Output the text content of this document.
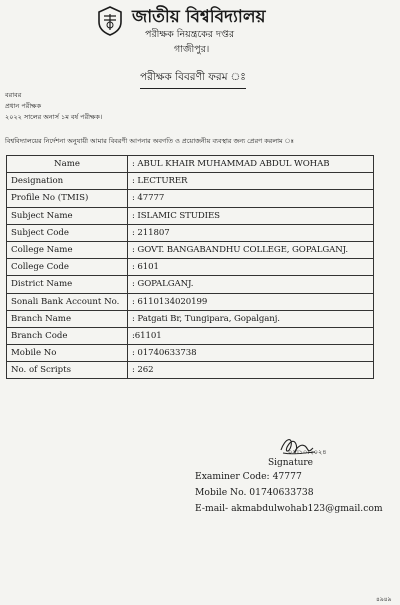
জাতীয় বিশ্ববিদ্যালয়
পরীক্ষক নিয়ন্ত্রকের দপ্তর
গাজীপুর।
পরীক্ষক বিবরণী ফরম ঃ
বরাবর
প্রধান পরীক্ষক
২০২২ সালের অনার্স ১ম বর্ষ পরীক্ষক।
বিশ্ববিদ্যালয়ের নির্দেশনা অনুযায়ী আমার বিবরণী আপনার অবগতি ও প্রয়োজনীয় ব্যবস্থার জন্য প্রেরণ করলাম ঃ
Name	: ABUL KHAIR MUHAMMAD ABDUL WOHAB
Designation	: LECTURER
Profile No (TMIS)	: 47777
Subject Name	: ISLAMIC STUDIES
Subject Code	: 211807
College Name	: GOVT. BANGABANDHU COLLEGE, GOPALGANJ.
College Code	: 6101
District Name	: GOPALGANJ.
Sonali Bank Account No.	: 6110134020199
Branch Name	: Patgati Br, Tungipara, Gopalganj.
Branch Code	:61101
Mobile No	: 01740633738
No. of Scripts	: 262
০৯।১০।২০২৪
Signature
Examiner Code: 47777
Mobile No. 01740633738
E-mail- akmabdulwohab123@gmail.com
৪৯৪৯
